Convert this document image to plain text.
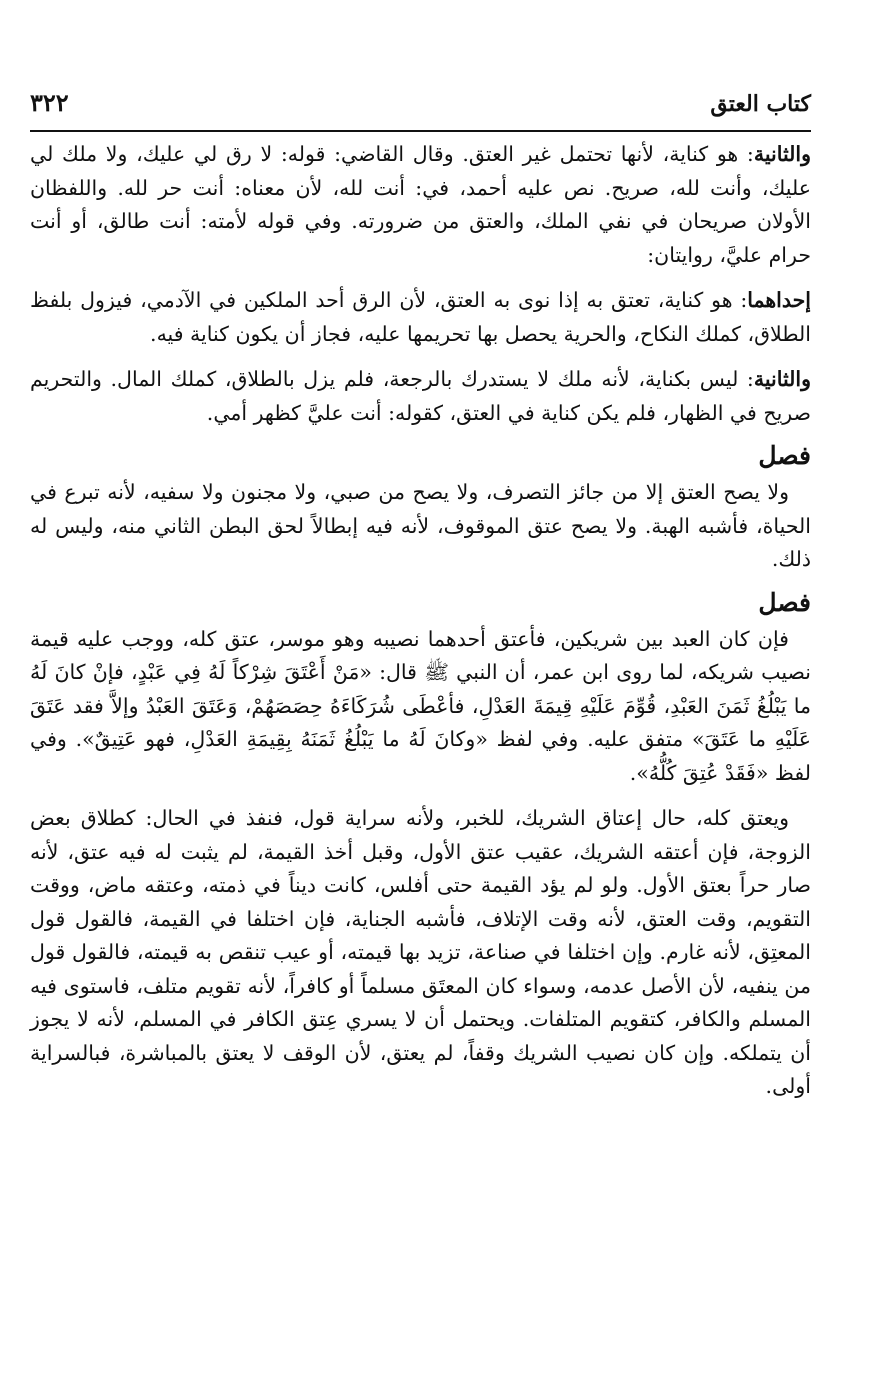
كتاب العتق
٣٢٢

والثانية: هو كناية، لأنها تحتمل غير العتق. وقال القاضي: قوله: لا رق لي عليك، ولا ملك لي عليك، وأنت لله، صريح. نص عليه أحمد، في: أنت لله، لأن معناه: أنت حر لله. واللفظان الأولان صريحان في نفي الملك، والعتق من ضرورته. وفي قوله لأمته: أنت طالق، أو أنت حرام عليَّ، روايتان:

إحداهما: هو كناية، تعتق به إذا نوى به العتق، لأن الرق أحد الملكين في الآدمي، فيزول بلفظ الطلاق، كملك النكاح، والحرية يحصل بها تحريمها عليه، فجاز أن يكون كناية فيه.

والثانية: ليس بكناية، لأنه ملك لا يستدرك بالرجعة، فلم يزل بالطلاق، كملك المال. والتحريم صريح في الظهار، فلم يكن كناية في العتق، كقوله: أنت عليَّ كظهر أمي.

فصل

ولا يصح العتق إلا من جائز التصرف، ولا يصح من صبي، ولا مجنون ولا سفيه، لأنه تبرع في الحياة، فأشبه الهبة. ولا يصح عتق الموقوف، لأنه فيه إبطالاً لحق البطن الثاني منه، وليس له ذلك.

فصل

فإن كان العبد بين شريكين، فأعتق أحدهما نصيبه وهو موسر، عتق كله، ووجب عليه قيمة نصيب شريكه، لما روى ابن عمر، أن النبي ﷺ قال: «مَنْ أَعْتَقَ شِرْكاً لَهُ فِي عَبْدٍ، فإنْ كانَ لَهُ ما يَبْلُغُ ثَمَنَ العَبْدِ، قُوِّمَ عَلَيْهِ قِيمَةَ العَدْلِ، فأعْطَى شُرَكَاءَهُ حِصَصَهُمْ، وَعَتَقَ العَبْدُ وإلاَّ فقد عَتَقَ عَلَيْهِ ما عَتَقَ» متفق عليه. وفي لفظ «وكانَ لَهُ ما يَبْلُغُ ثَمَنَهُ بِقِيمَةِ العَدْلِ، فهو عَتِيقٌ». وفي لفظ «فَقَدْ عُتِقَ كُلُّهُ».

ويعتق كله، حال إعتاق الشريك، للخبر، ولأنه سراية قول، فنفذ في الحال: كطلاق بعض الزوجة، فإن أعتقه الشريك، عقيب عتق الأول، وقبل أخذ القيمة، لم يثبت له فيه عتق، لأنه صار حراً بعتق الأول. ولو لم يؤد القيمة حتى أفلس، كانت ديناً في ذمته، وعتقه ماض، ووقت التقويم، وقت العتق، لأنه وقت الإتلاف، فأشبه الجناية، فإن اختلفا في القيمة، فالقول قول المعتِق، لأنه غارم. وإن اختلفا في صناعة، تزيد بها قيمته، أو عيب تنقص به قيمته، فالقول قول من ينفيه، لأن الأصل عدمه، وسواء كان المعتَق مسلماً أو كافراً، لأنه تقويم متلف، فاستوى فيه المسلم والكافر، كتقويم المتلفات. ويحتمل أن لا يسري عِتق الكافر في المسلم، لأنه لا يجوز أن يتملكه. وإن كان نصيب الشريك وقفاً، لم يعتق، لأن الوقف لا يعتق بالمباشرة، فبالسراية أولى.
